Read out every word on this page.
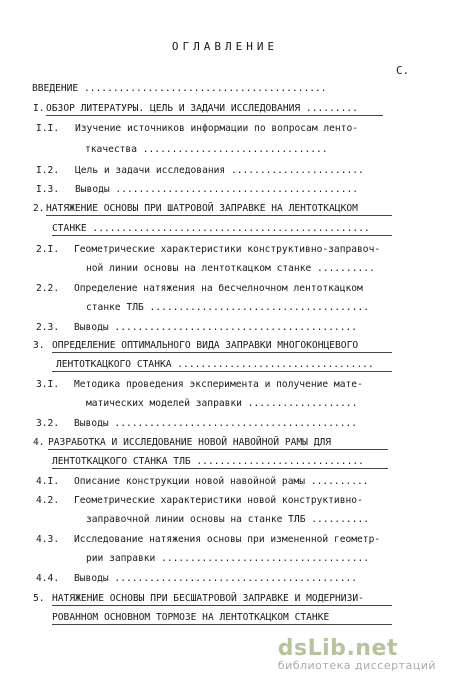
ОГЛАВЛЕНИЕ
С.
ВВЕДЕНИЕ ..........................................
I. ОБЗОР ЛИТЕРАТУРЫ. ЦЕЛЬ И ЗАДАЧИ ИССЛЕДОВАНИЯ .........
I.I. Изучение источников информации по вопросам ленто-
ткачества ................................
I.2. Цель и задачи исследования .......................
I.3. Выводы ..........................................
2. НАТЯЖЕНИЕ ОСНОВЫ ПРИ ШАТРОВОЙ ЗАПРАВКЕ НА ЛЕНТОТКАЦКОМ
СТАНКЕ ................................................
2.I. Геометрические характеристики конструктивно-заправоч-
ной линии основы на лентоткацком станке ..........
2.2. Определение натяжения на бесчелночном лентоткацком
станке ТЛБ ......................................
2.3. Выводы ..........................................
3. ОПРЕДЕЛЕНИЕ ОПТИМАЛЬНОГО ВИДА ЗАПРАВКИ МНОГОКОНЦЕВОГО
ЛЕНТОТКАЦКОГО СТАНКА ..................................
3.I. Методика проведения эксперимента и получение мате-
матических моделей заправки ...................
3.2. Выводы ..........................................
4. РАЗРАБОТКА И ИССЛЕДОВАНИЕ НОВОЙ НАВОЙНОЙ РАМЫ ДЛЯ
ЛЕНТОТКАЦКОГО СТАНКА ТЛБ .............................
4.I. Описание конструкции новой навойной рамы ..........
4.2. Геометрические характеристики новой конструктивно-
заправочной линии основы на станке ТЛБ ..........
4.3. Исследование натяжения основы при измененной геометр-
рии заправки ....................................
4.4. Выводы ..........................................
5. НАТЯЖЕНИЕ ОСНОВЫ ПРИ БЕСШАТРОВОЙ ЗАПРАВКЕ И МОДЕРНИЗИ-
РОВАННОМ ОСНОВНОМ ТОРМОЗЕ НА ЛЕНТОТКАЦКОМ СТАНКЕ
dsLib.net
библиотека диссертаций
